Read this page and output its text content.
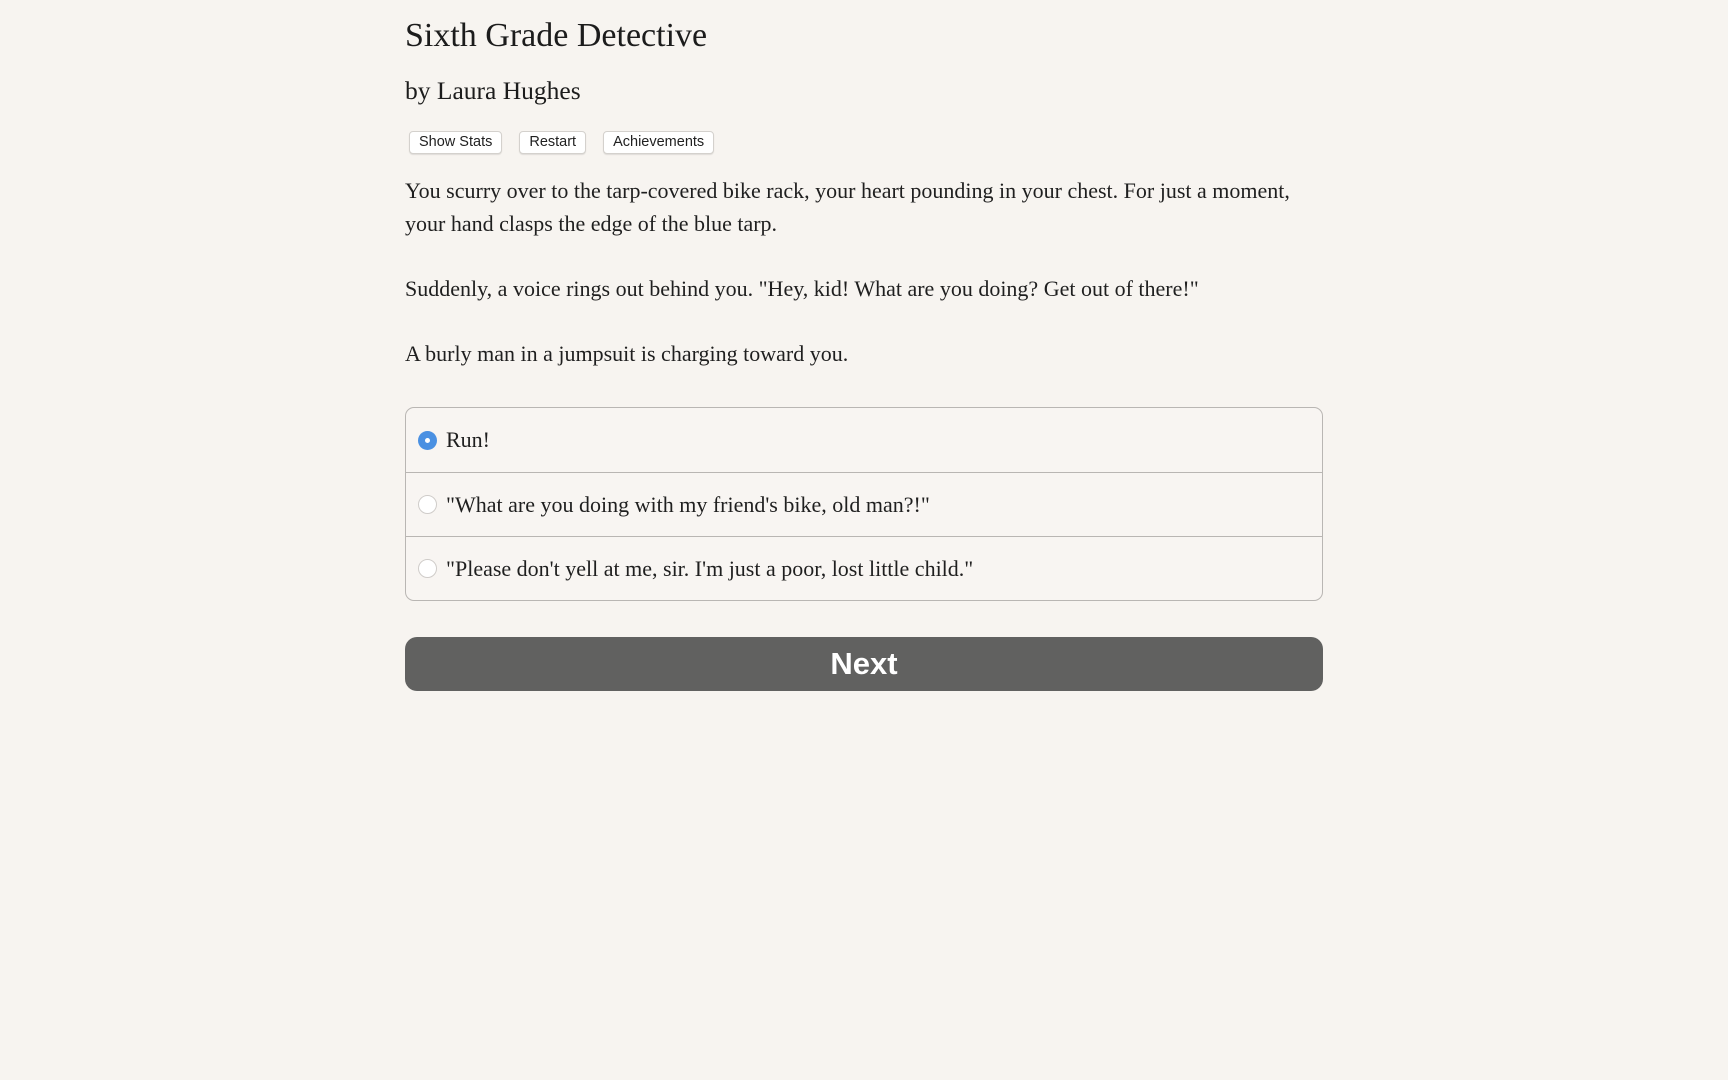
Sixth Grade Detective
by Laura Hughes
Show Stats	Restart	Achievements

You scurry over to the tarp-covered bike rack, your heart pounding in your chest. For just a moment, your hand clasps the edge of the blue tarp.

Suddenly, a voice rings out behind you. "Hey, kid! What are you doing? Get out of there!"

A burly man in a jumpsuit is charging toward you.

Run!
"What are you doing with my friend's bike, old man?!"
"Please don't yell at me, sir. I'm just a poor, lost little child."
Next
